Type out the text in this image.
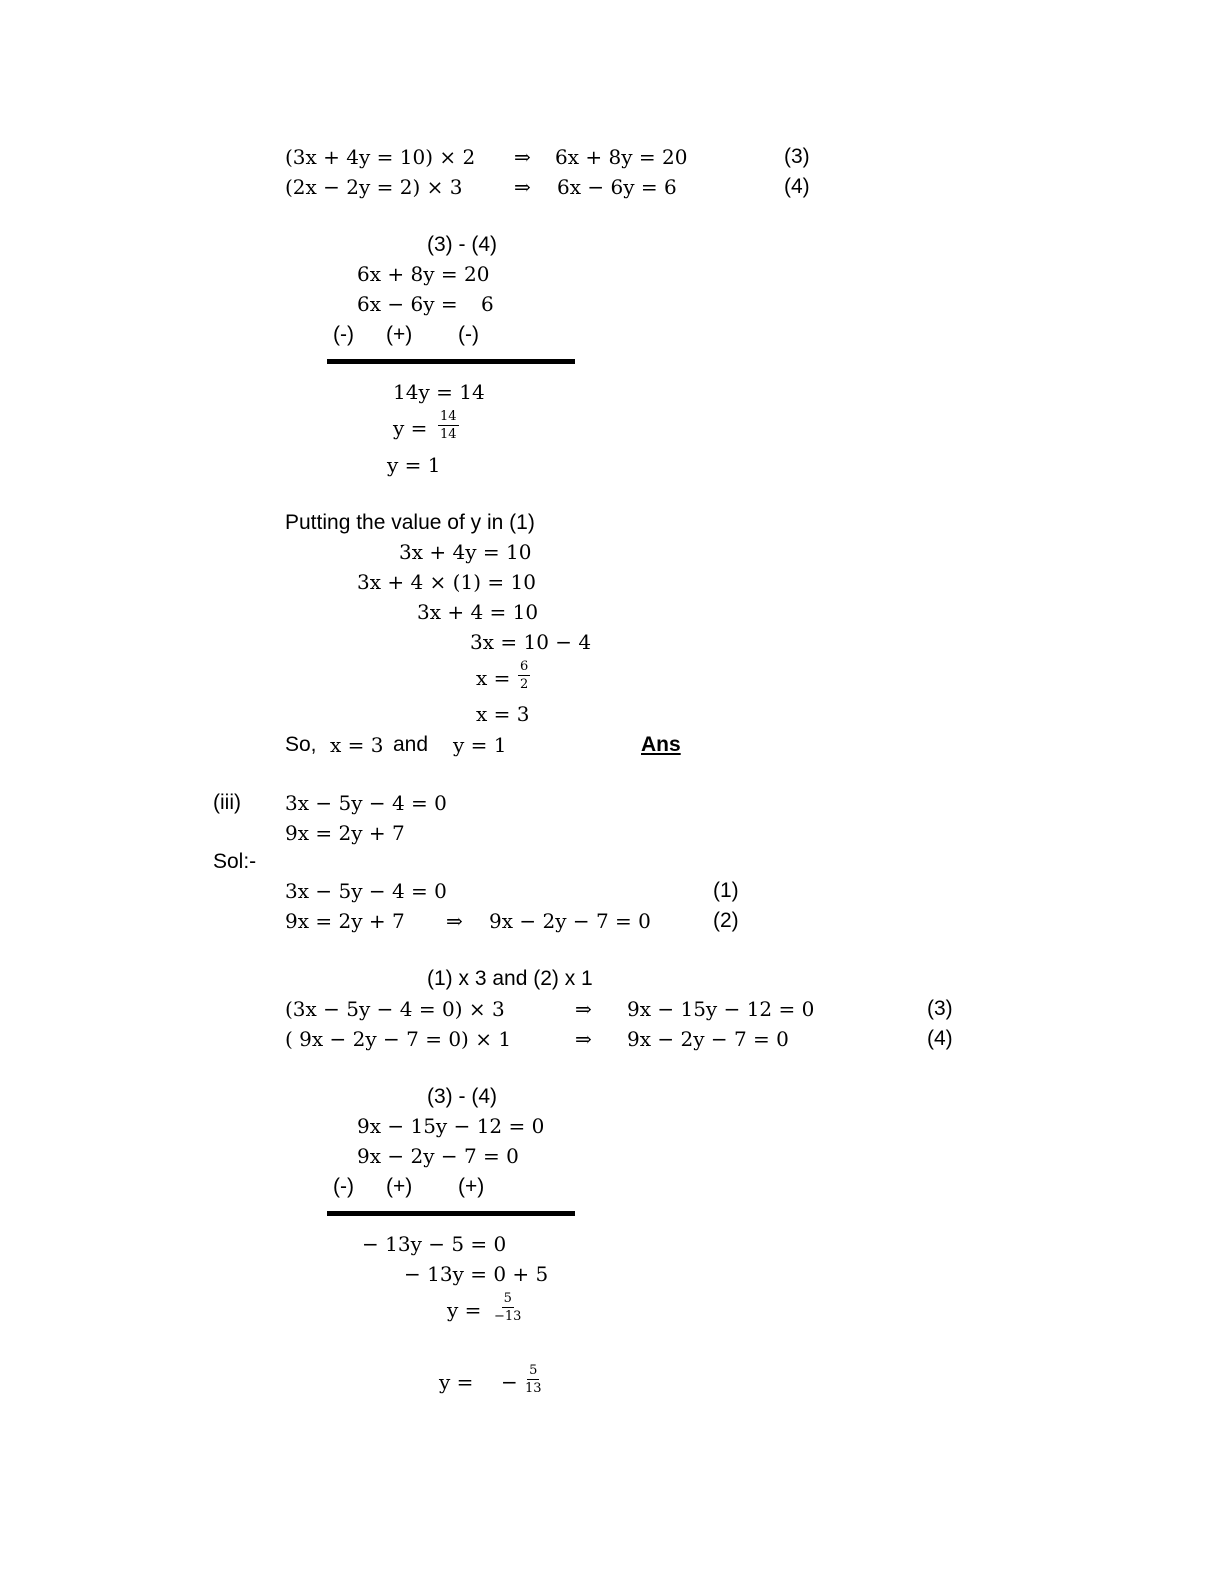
(3x + 4y = 10) × 2 ⇒ 6x + 8y = 20	(3)
(2x − 2y = 2) × 3	⇒ 6x − 6y = 6	(4)
(3) - (4)
6x + 8y = 20
6x − 6y = 6
(-) (+) (-)
14y = 14
$y = \frac{14}{14}$
y = 1
Putting the value of y in (1)
3x + 4y = 10
3x + 4 × (1) = 10
3x + 4 = 10
3x = 10 − 4
$x = \frac{6}{2}$
x = 3
So, x = 3 and y = 1	Ans
(iii) 3x − 5y − 4 = 0
9x = 2y + 7
Sol:-
3x − 5y − 4 = 0	(1)
9x = 2y + 7 ⇒ 9x − 2y − 7 = 0	(2)
(1) x 3 and (2) x 1
(3x − 5y − 4 = 0) × 3	⇒ 9x − 15y − 12 = 0	(3)
( 9x − 2y − 7 = 0) × 1	⇒ 9x − 2y − 7 = 0	(4)
(3) - (4)
9x − 15y − 12 = 0
9x − 2y − 7 = 0
(-) (+) (+)
− 13y − 5 = 0
− 13y = 0 + 5
$y = \frac{5}{-13}$
y = − $\frac{5}{13}$
